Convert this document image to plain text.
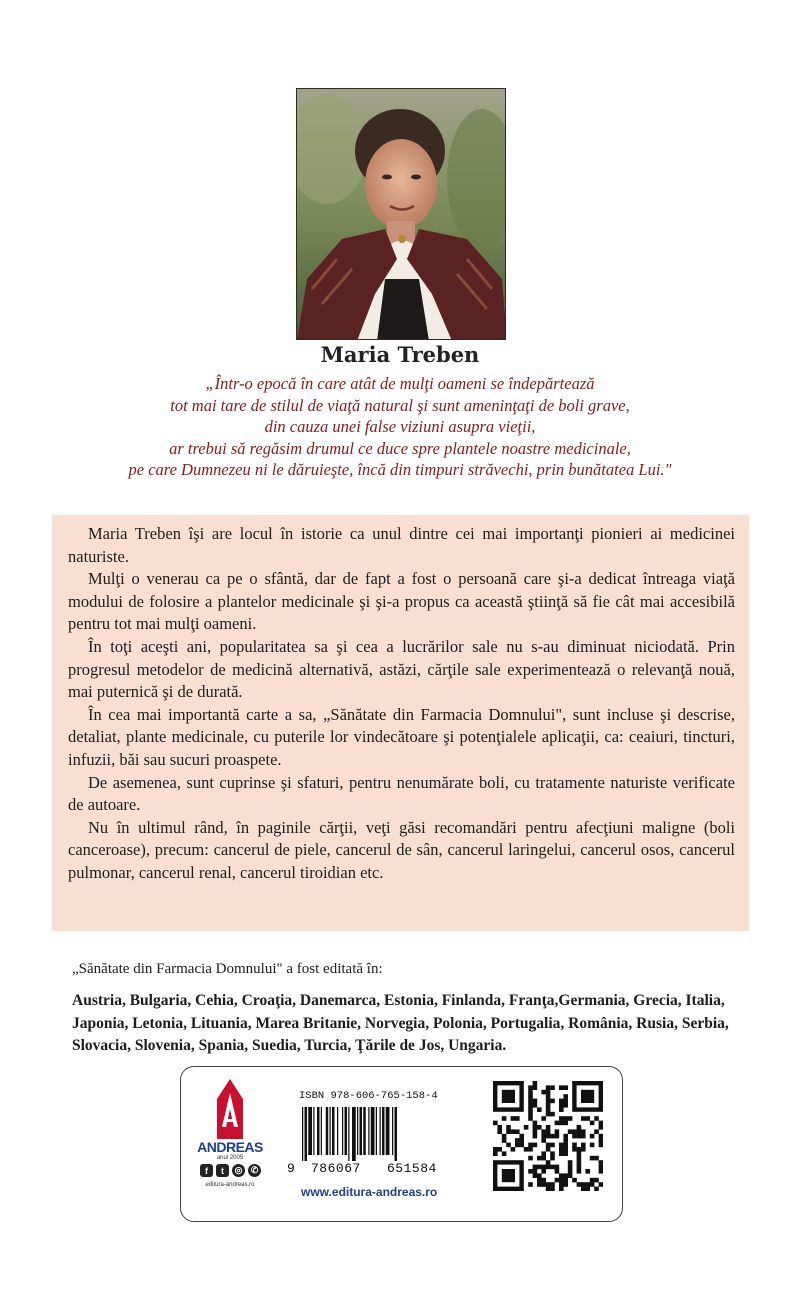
Maria Treben
„Într-o epocă în care atât de mulţi oameni se îndepărtează
tot mai tare de stilul de viaţă natural şi sunt ameninţaţi de boli grave,
din cauza unei false viziuni asupra vieţii,
ar trebui să regăsim drumul ce duce spre plantele noastre medicinale,
pe care Dumnezeu ni le dăruieşte, încă din timpuri străvechi, prin bunătatea Lui."

Maria Treben îşi are locul în istorie ca unul dintre cei mai importanţi pionieri ai medicinei naturiste.

Mulţi o venerau ca pe o sfântă, dar de fapt a fost o persoană care şi-a dedicat întreaga viaţă modului de folosire a plantelor medicinale şi şi-a propus ca această ştiinţă să fie cât mai accesibilă pentru tot mai mulţi oameni.

În toţi aceşti ani, popularitatea sa şi cea a lucrărilor sale nu s-au diminuat niciodată. Prin progresul metodelor de medicină alternativă, astăzi, cărţile sale experimentează o relevanţă nouă, mai puternică şi de durată.

În cea mai importantă carte a sa, „Sănătate din Farmacia Domnului", sunt incluse şi descrise, detaliat, plante medicinale, cu puterile lor vindecătoare şi potenţialele aplicaţii, ca: ceaiuri, tincturi, infuzii, băi sau sucuri proaspete.

De asemenea, sunt cuprinse şi sfaturi, pentru nenumărate boli, cu tratamente naturiste verificate de autoare.

Nu în ultimul rând, în paginile cărţii, veţi găsi recomandări pentru afecţiuni maligne (boli canceroase), precum: cancerul de piele, cancerul de sân, cancerul laringelui, cancerul osos, cancerul pulmonar, cancerul renal, cancerul tiroidian etc.

„Sănătate din Farmacia Domnului" a fost editată în:
Austria, Bulgaria, Cehia, Croaţia, Danemarca, Estonia, Finlanda, Franţa,Germania, Grecia, Italia, Japonia, Letonia, Lituania, Marea Britanie, Norvegia, Polonia, Portugalia, România, Rusia, Serbia, Slovacia, Slovenia, Spania, Suedia, Turcia, Ţările de Jos, Ungaria.
ANDREAS
anul 2005
f	t	◎ ✆
editura-andreas.ro
ISBN 978-606-765-158-4
9 786067 651584
www.editura-andreas.ro
